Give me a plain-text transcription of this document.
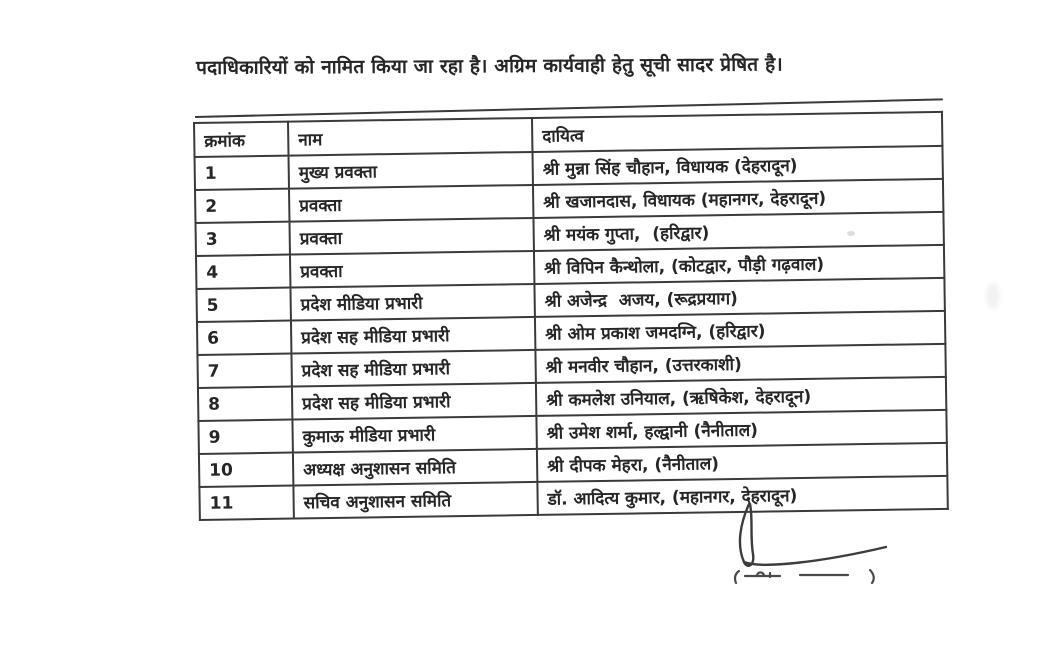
पदाधिकारियों को नामित किया जा रहा है। अग्रिम कार्यवाही हेतु सूची सादर प्रेषित है।
क्रमांक	नाम	दायित्व
1	मुख्य प्रवक्ता	श्री मुन्ना सिंह चौहान, विधायक (देहरादून)
2	प्रवक्ता	श्री खजानदास, विधायक (महानगर, देहरादून)
3	प्रवक्ता	श्री मयंक गुप्ता,  (हरिद्वार)
4	प्रवक्ता	श्री विपिन कैन्थोला, (कोटद्वार, पौड़ी गढ़वाल)
5	प्रदेश मीडिया प्रभारी	श्री अजेन्द्र  अजय, (रूद्रप्रयाग)
6	प्रदेश सह मीडिया प्रभारी	श्री ओम प्रकाश जमदग्नि, (हरिद्वार)
7	प्रदेश सह मीडिया प्रभारी	श्री मनवीर चौहान, (उत्तरकाशी)
8	प्रदेश सह मीडिया प्रभारी	श्री कमलेश उनियाल, (ऋषिकेश, देहरादून)
9	कुमाऊ मीडिया प्रभारी	श्री उमेश शर्मा, हल्द्वानी (नैनीताल)
10	अध्यक्ष अनुशासन समिति	श्री दीपक मेहरा, (नैनीताल)
11	सचिव अनुशासन समिति	डॉ. आदित्य कुमार, (महानगर, देहरादून)
